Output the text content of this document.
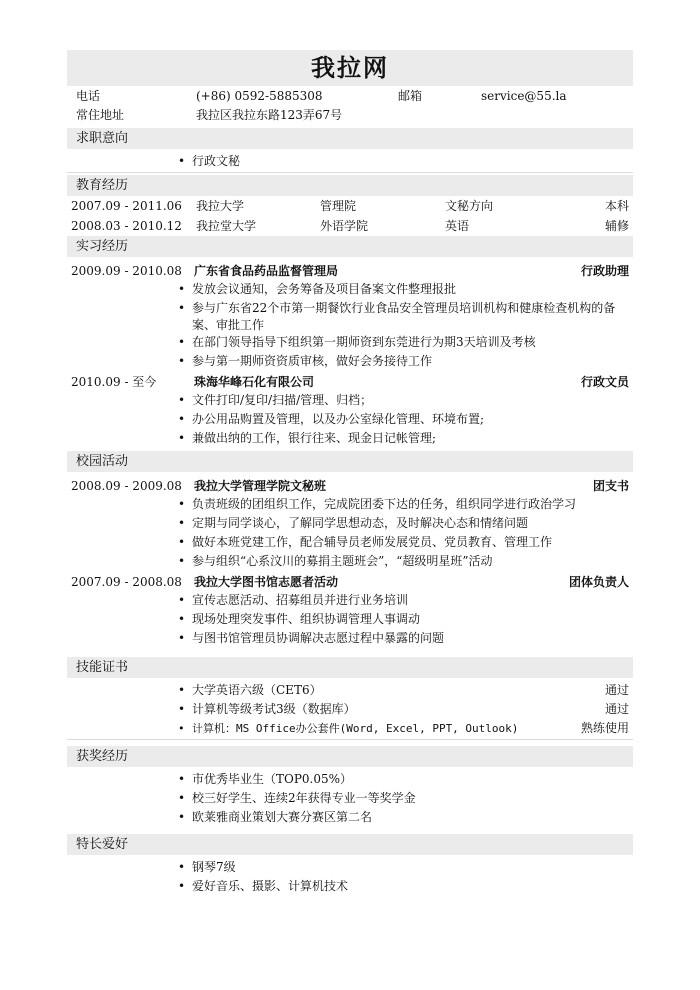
我拉网
电话	(+86) 0592-5885308	邮箱	service@55.la
常住地址	我拉区我拉东路123弄67号
求职意向
• 行政文秘
教育经历
2007.09 - 2011.06 我拉大学	管理院	文秘方向	本科
2008.03 - 2010.12 我拉堂大学	外语学院	英语	辅修
实习经历
2009.09 - 2010.08 广东省食品药品监督管理局	行政助理
• 发放会议通知，会务筹备及项目备案文件整理报批
• 参与广东省22个市第一期餐饮行业食品安全管理员培训机构和健康检查机构的备案、审批工作
• 在部门领导指导下组织第一期师资到东莞进行为期3天培训及考核
• 参与第一期师资资质审核，做好会务接待工作
2010.09 - 至今	珠海华峰石化有限公司	行政文员
• 文件打印/复印/扫描/管理、归档；
• 办公用品购置及管理，以及办公室绿化管理、环境布置;
• 兼做出纳的工作，银行往来、现金日记帐管理;
校园活动
2008.09 - 2009.08 我拉大学管理学院文秘班	团支书
• 负责班级的团组织工作，完成院团委下达的任务，组织同学进行政治学习
• 定期与同学谈心，了解同学思想动态，及时解决心态和情绪问题
• 做好本班党建工作，配合辅导员老师发展党员、党员教育、管理工作
• 参与组织“心系汶川的募捐主题班会”，“超级明星班”活动
2007.09 - 2008.08 我拉大学图书馆志愿者活动	团体负责人
• 宣传志愿活动、招募组员并进行业务培训
• 现场处理突发事件、组织协调管理人事调动
• 与图书馆管理员协调解决志愿过程中暴露的问题
技能证书
• 大学英语六级（CET6）	通过
• 计算机等级考试3级（数据库）	通过
• 计算机：MS Office办公套件(Word, Excel, PPT, Outlook)	熟练使用
获奖经历
• 市优秀毕业生（TOP0.05%）
• 校三好学生、连续2年获得专业一等奖学金
• 欧莱雅商业策划大赛分赛区第二名
特长爱好
• 钢琴7级
• 爱好音乐、摄影、计算机技术
